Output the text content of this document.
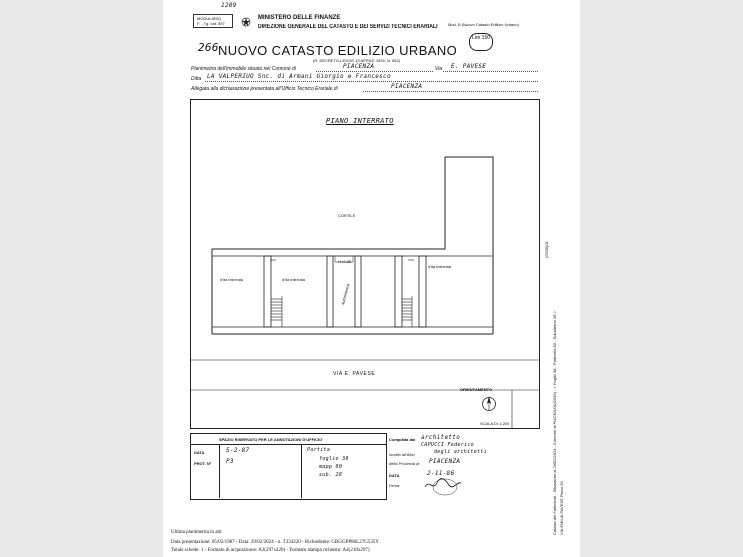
MODULARIO
F. - Tg. cat. 397
1209
Mod. B (Nuovo Catasto Edilizio Urbano)
MINISTERO DELLE FINANZE
DIREZIONE GENERALE DEL CATASTO E DEI SERVIZI TECNICI ERARIALI
266 NUOVO CATASTO EDILIZIO URBANO
(R. DECRETO-LEGGE 13 APRILE 1939, N. 652)
Lire 150
Planimetria dell'immobile situato nel Comune di	PIACENZA	Via E. PAVESE
Ditta LA VALPERIUO Snc. di Armani Giorgio e Francesco
Allegata alla dichiarazione presentata all'Ufficio Tecnico Erariale di	PIACENZA
PIANO INTERRATO
CORTILE
d'ita interrata	d'ita interrata
d'ita interrata
autorimessa
H=2,85
VIA E. PAVESE
ORIENTAMENTO
SCALA DI 1:200
SPAZIO RISERVATO PER LE ANNOTAZIONI D'UFFICIO
DATA	5-2-87
PROT. Nº P3
Partita
foglio 38
mapp 80
sub. 28
Compilata dal architetto
CAPUCCI Federico
Iscritto all'Albo	degli architetti
della Provincia di PIACENZA
DATA	2-11-86
Firma:
Ultima planimetria in atti
Data presentazione: 05/02/1987 - Data: 29/02/2024 - n. T334220 - Richiedente: GRGGPP86L27G535Y
Totale schede: 1 - Formato di acquisizione: A3(297x420) - Formato stampa richiesto: A4(210x297)
(G535)01
Catasto dei Fabbricati - Situazione al 29/02/2024 - Comune di PIACENZA(G535) - < Foglio 38 - Particella 80 - Subalterno 28 > VIA EMILIA PAVESE Piano S1
